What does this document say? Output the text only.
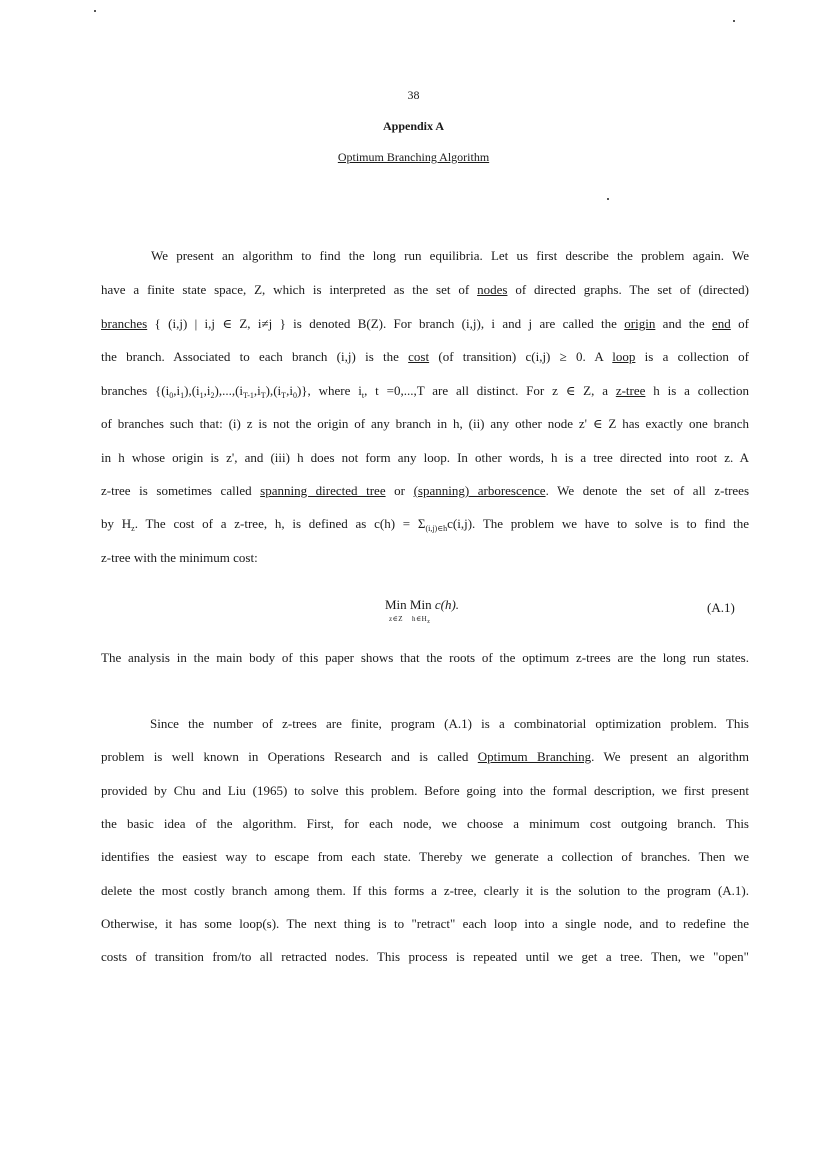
38
Appendix A
Optimum Branching Algorithm
We present an algorithm to find the long run equilibria. Let us first describe the problem again. We
have a finite state space, Z, which is interpreted as the set of nodes of directed graphs. The set of (directed)
branches { (i,j) | i,j ∈ Z, i≠j } is denoted B(Z). For branch (i,j), i and j are called the origin and the end of
the branch. Associated to each branch (i,j) is the cost (of transition) c(i,j) ≥ 0. A loop is a collection of
branches $\{(i_0,i_1),(i_1,i_2),...,(i_{T-1},i_T),(i_T,i_0)\}$, where $i_t$, t =0,...,T are all distinct. For z ∈ Z, a z-tree h is a collection
of branches such that: (i) z is not the origin of any branch in h, (ii) any other node z' ∈ Z has exactly one branch
in h whose origin is z', and (iii) h does not form any loop. In other words, h is a tree directed into root z. A
z-tree is sometimes called spanning directed tree or (spanning) arborescence. We denote the set of all z-trees
by $H_z$. The cost of a z-tree, h, is defined as $c(h) = \Sigma_{(i,j)\in h}c(i,j)$. The problem we have to solve is to find the
z-tree with the minimum cost:
Min Min c(h).
z∈Z $h\in H_z$
(A.1)
The analysis in the main body of this paper shows that the roots of the optimum z-trees are the long run states.
Since the number of z-trees are finite, program (A.1) is a combinatorial optimization problem. This
problem is well known in Operations Research and is called Optimum Branching. We present an algorithm
provided by Chu and Liu (1965) to solve this problem. Before going into the formal description, we first present
the basic idea of the algorithm. First, for each node, we choose a minimum cost outgoing branch. This
identifies the easiest way to escape from each state. Thereby we generate a collection of branches. Then we
delete the most costly branch among them. If this forms a z-tree, clearly it is the solution to the program (A.1).
Otherwise, it has some loop(s). The next thing is to "retract" each loop into a single node, and to redefine the
costs of transition from/to all retracted nodes. This process is repeated until we get a tree. Then, we "open"
